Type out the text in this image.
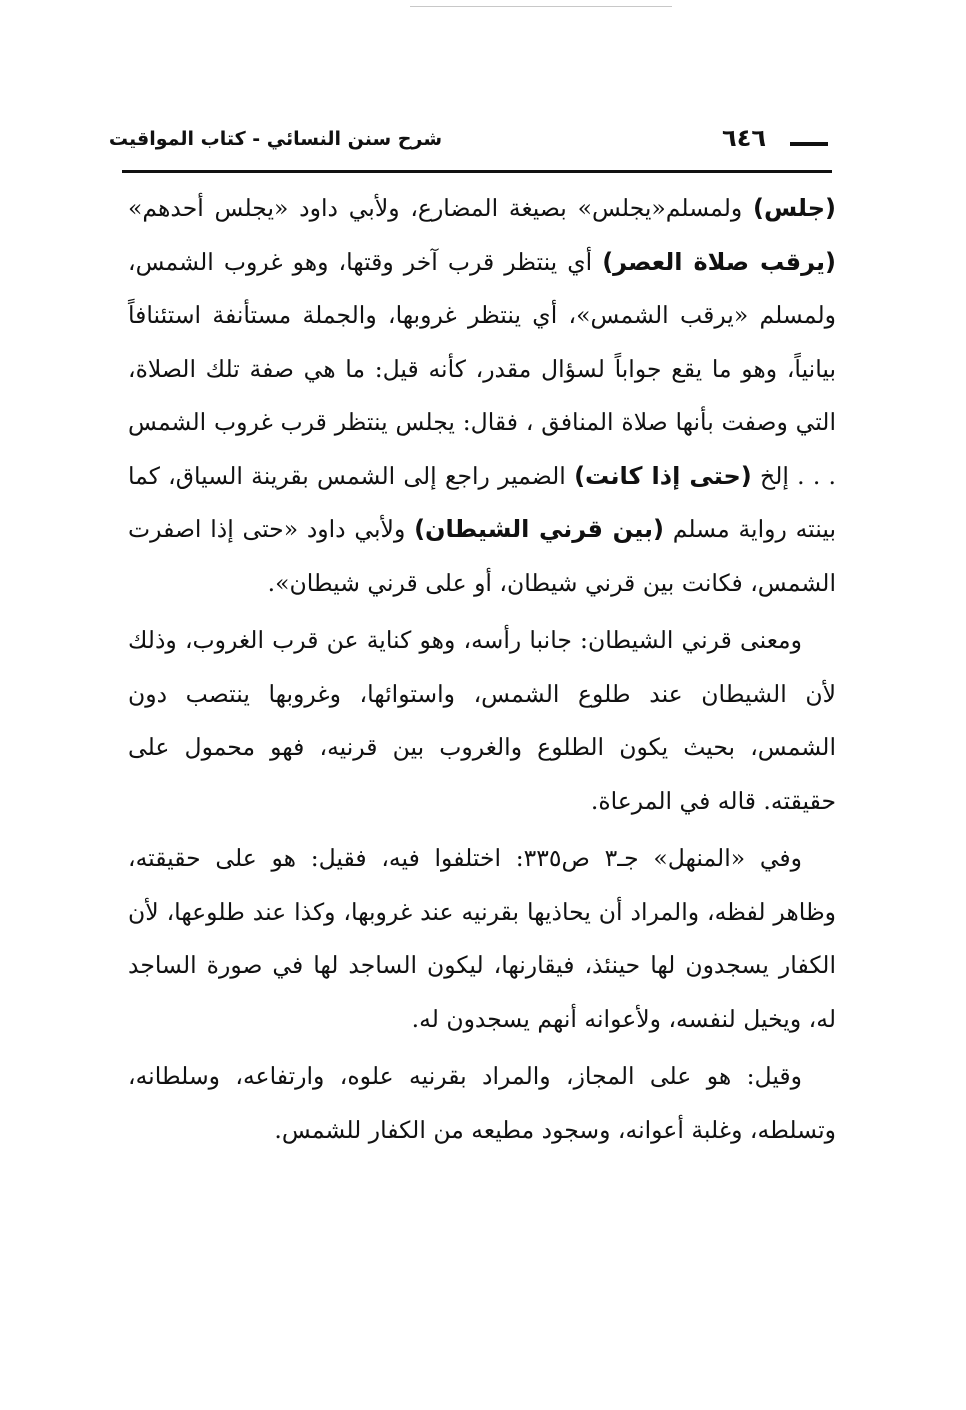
شرح سنن النسائي - كتاب المواقيت	٦٤٦

(جلس) ولمسلم«يجلس» بصيغة المضارع، ولأبي داود «يجلس أحدهم» (يرقب صلاة العصر) أي ينتظر قرب آخر وقتها، وهو غروب الشمس، ولمسلم «يرقب الشمس»، أي ينتظر غروبها، والجملة مستأنفة استئنافاً بيانياً، وهو ما يقع جواباً لسؤال مقدر، كأنه قيل: ما هي صفة تلك الصلاة، التي وصفت بأنها صلاة المنافق ، فقال: يجلس ينتظر قرب غروب الشمس . . . إلخ (حتى إذا كانت) الضمير راجع إلى الشمس بقرينة السياق، كما بينته رواية مسلم (بين قرني الشيطان) ولأبي داود «حتى إذا اصفرت الشمس، فكانت بين قرني شيطان، أو على قرني شيطان».

ومعنى قرني الشيطان: جانبا رأسه، وهو كناية عن قرب الغروب، وذلك لأن الشيطان عند طلوع الشمس، واستوائها، وغروبها ينتصب دون الشمس، بحيث يكون الطلوع والغروب بين قرنيه، فهو محمول على حقيقته. قاله في المرعاة.

وفي «المنهل» جـ٣ ص٣٣٥: اختلفوا فيه، فقيل: هو على حقيقته، وظاهر لفظه، والمراد أن يحاذيها بقرنيه عند غروبها، وكذا عند طلوعها، لأن الكفار يسجدون لها حينئذ، فيقارنها، ليكون الساجد لها في صورة الساجد له، ويخيل لنفسه، ولأعوانه أنهم يسجدون له.

وقيل: هو على المجاز، والمراد بقرنيه علوه، وارتفاعه، وسلطانه، وتسلطه، وغلبة أعوانه، وسجود مطيعه من الكفار للشمس.
